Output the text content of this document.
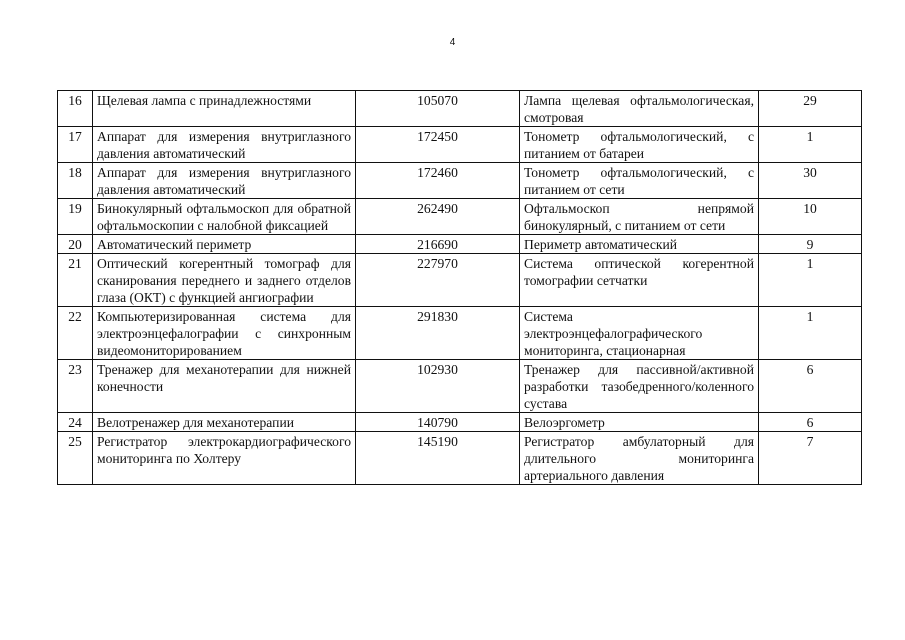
4
16	Щелевая лампа с принадлежностями	105070	Лампа щелевая офтальмологическая, смотровая	29
17	Аппарат для измерения внутриглазного давления автоматический	172450	Тонометр офтальмологический, с питанием от батареи	1
18	Аппарат для измерения внутриглазного давления автоматический	172460	Тонометр офтальмологический, с питанием от сети	30
19	Бинокулярный офтальмоскоп для обратной офтальмоскопии с налобной фиксацией	262490	Офтальмоскоп непрямой бинокулярный, с питанием от сети	10
20	Автоматический периметр	216690	Периметр автоматический	9
21	Оптический когерентный томограф для сканирования переднего и заднего отделов глаза (ОКТ) с функцией ангиографии	227970	Система оптической когерентной томографии сетчатки	1
22	Компьютеризированная система для электроэнцефалографии с синхронным видеомониторированием	291830	Система электроэнцефалографического мониторинга, стационарная	1
23	Тренажер для механотерапии для нижней конечности	102930	Тренажер для пассивной/активной разработки тазобедренного/коленного сустава	6
24	Велотренажер для механотерапии	140790	Велоэргометр	6
25	Регистратор электрокардиографического мониторинга по Холтеру	145190	Регистратор амбулаторный для длительного мониторинга артериального давления	7
